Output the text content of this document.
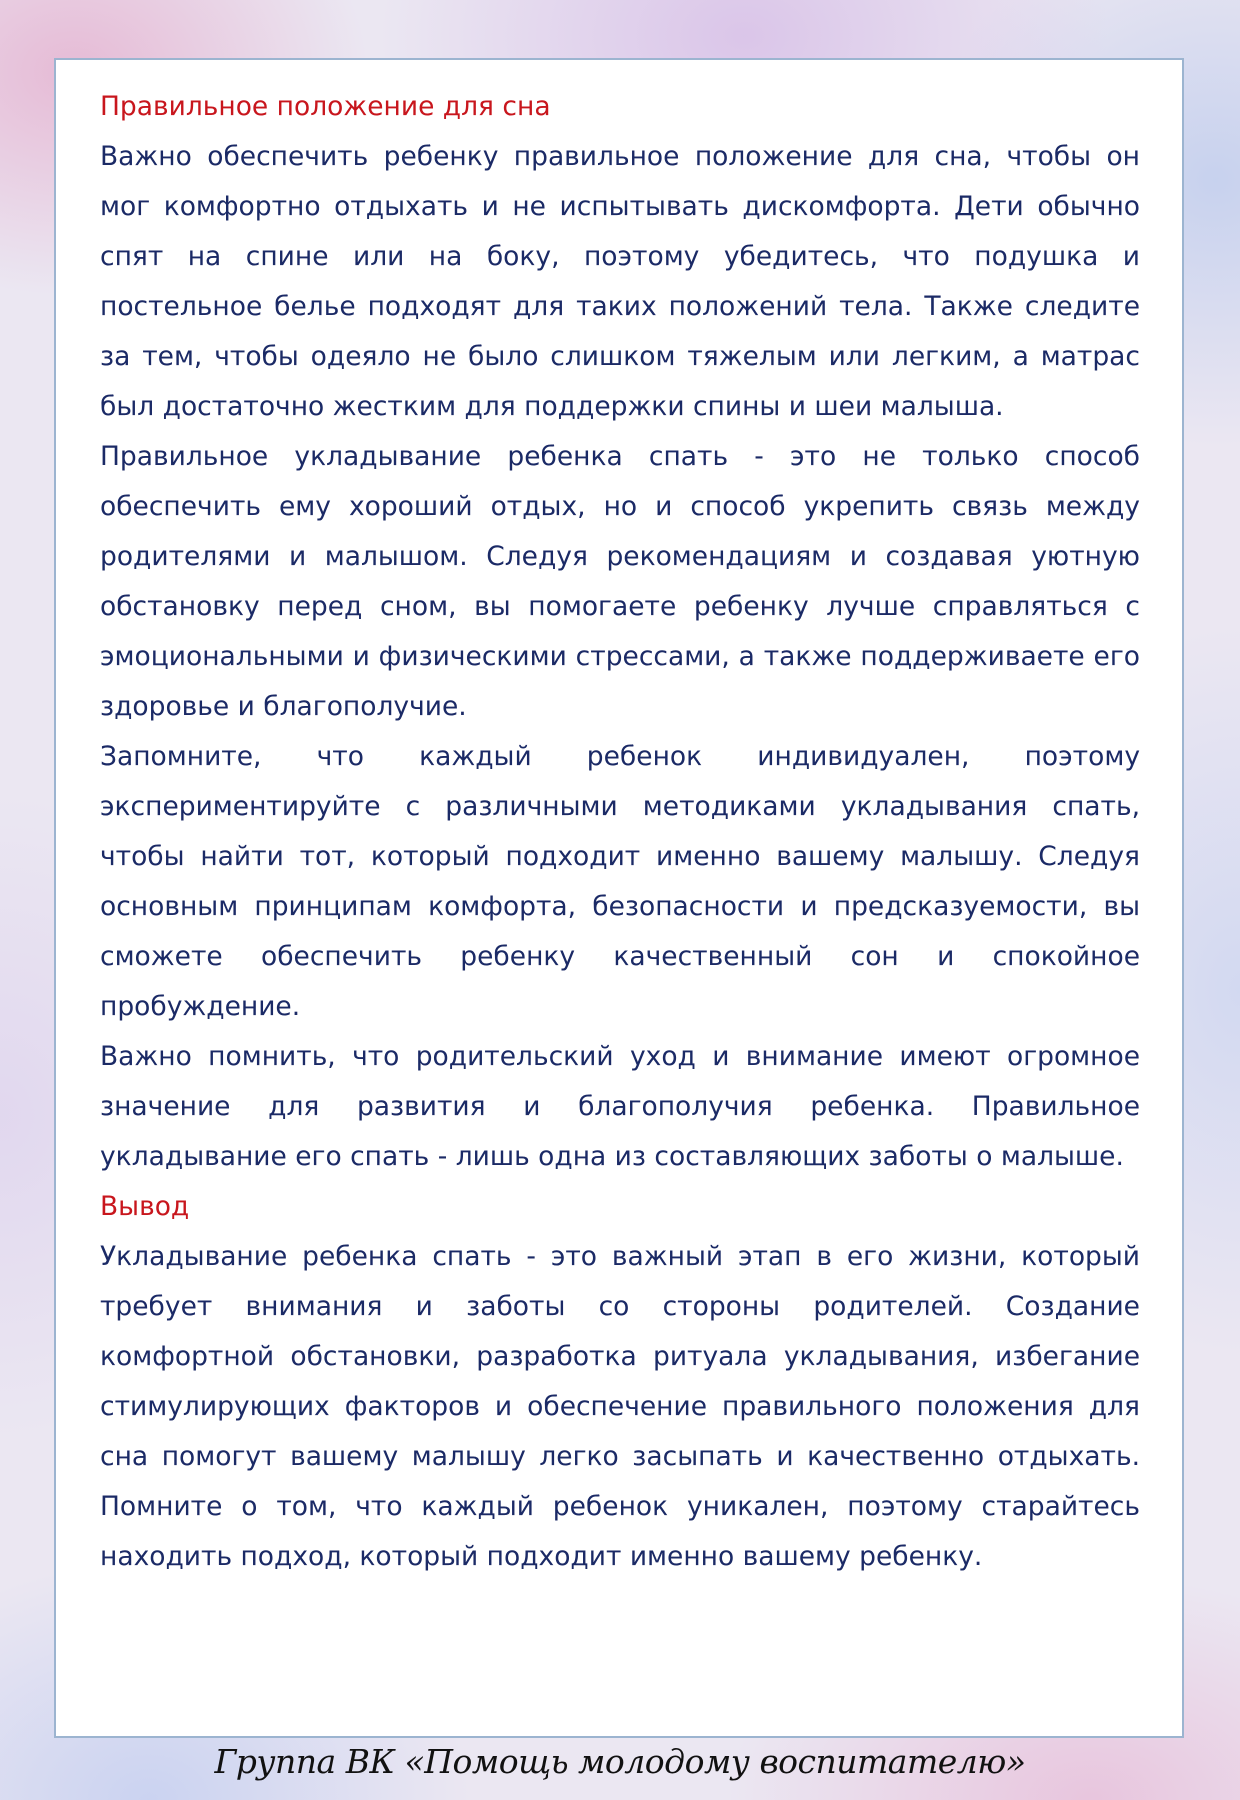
Правильное положение для сна

Важно обеспечить ребенку правильное положение для сна, чтобы он мог комфортно отдыхать и не испытывать дискомфорта. Дети обычно спят на спине или на боку, поэтому убедитесь, что подушка и постельное белье подходят для таких положений тела. Также следите за тем, чтобы одеяло не было слишком тяжелым или легким, а матрас был достаточно жестким для поддержки спины и шеи малыша.

Правильное укладывание ребенка спать - это не только способ обеспечить ему хороший отдых, но и способ укрепить связь между родителями и малышом. Следуя рекомендациям и создавая уютную обстановку перед сном, вы помогаете ребенку лучше справляться с эмоциональными и физическими стрессами, а также поддерживаете его здоровье и благополучие.

Запомните, что каждый ребенок индивидуален, поэтому экспериментируйте с различными методиками укладывания спать, чтобы найти тот, который подходит именно вашему малышу. Следуя основным принципам комфорта, безопасности и предсказуемости, вы сможете обеспечить ребенку качественный сон и спокойное пробуждение.

Важно помнить, что родительский уход и внимание имеют огромное значение для развития и благополучия ребенка. Правильное укладывание его спать - лишь одна из составляющих заботы о малыше.

Вывод

Укладывание ребенка спать - это важный этап в его жизни, который требует внимания и заботы со стороны родителей. Создание комфортной обстановки, разработка ритуала укладывания, избегание стимулирующих факторов и обеспечение правильного положения для сна помогут вашему малышу легко засыпать и качественно отдыхать. Помните о том, что каждый ребенок уникален, поэтому старайтесь находить подход, который подходит именно вашему ребенку.

Группа ВК «Помощь молодому воспитателю»
